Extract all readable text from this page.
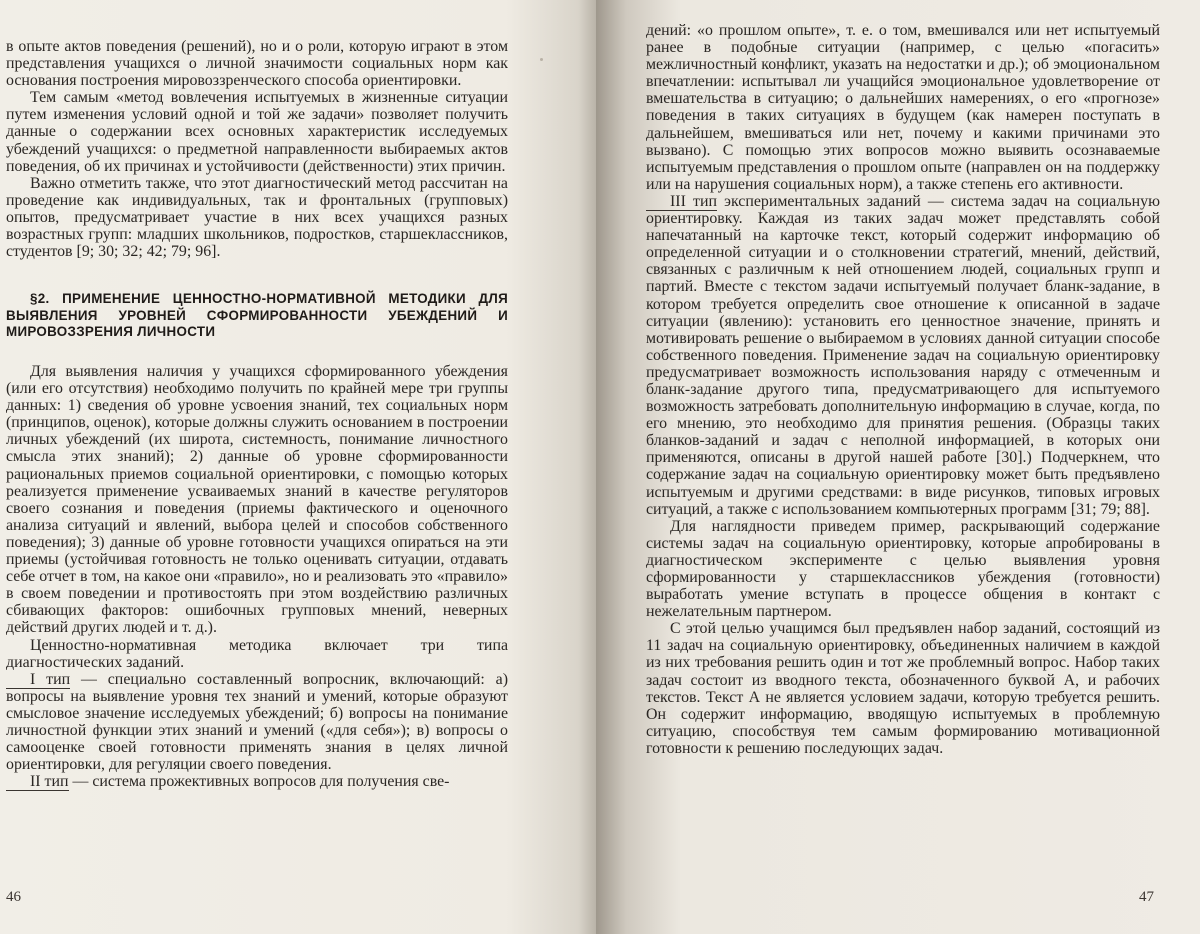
в опыте актов поведения (решений), но и о роли, которую играют в этом представления учащихся о личной значимости социальных норм как основания построения мировоззренческого способа ориентировки.

Тем самым «метод вовлечения испытуемых в жизненные ситуации путем изменения условий одной и той же задачи» позволяет получить данные о содержании всех основных характеристик исследуемых убеждений учащихся: о предметной направленности выбираемых актов поведения, об их причинах и устойчивости (действенности) этих причин.

Важно отметить также, что этот диагностический метод рассчитан на проведение как индивидуальных, так и фронтальных (групповых) опытов, предусматривает участие в них всех учащихся разных возрастных групп: младших школьников, подростков, старшеклассников, студентов [9; 30; 32; 42; 79; 96].

§2. ПРИМЕНЕНИЕ ЦЕННОСТНО-НОРМАТИВНОЙ МЕТОДИКИ ДЛЯ ВЫЯВЛЕНИЯ УРОВНЕЙ СФОРМИРОВАННОСТИ УБЕЖДЕНИЙ И МИРОВОЗЗРЕНИЯ ЛИЧНОСТИ

Для выявления наличия у учащихся сформированного убеждения (или его отсутствия) необходимо получить по крайней мере три группы данных: 1) сведения об уровне усвоения знаний, тех социальных норм (принципов, оценок), которые должны служить основанием в построении личных убеждений (их широта, системность, понимание личностного смысла этих знаний); 2) данные об уровне сформированности рациональных приемов социальной ориентировки, с помощью которых реализуется применение усваиваемых знаний в качестве регуляторов своего сознания и поведения (приемы фактического и оценочного анализа ситуаций и явлений, выбора целей и способов собственного поведения); 3) данные об уровне готовности учащихся опираться на эти приемы (устойчивая готовность не только оценивать ситуации, отдавать себе отчет в том, на какое они «правило», но и реализовать это «правило» в своем поведении и противостоять при этом воздействию различных сбивающих факторов: ошибочных групповых мнений, неверных действий других людей и т. д.).

Ценностно-нормативная методика включает три типа диагностических заданий.

I тип — специально составленный вопросник, включающий: а) вопросы на выявление уровня тех знаний и умений, которые образуют смысловое значение исследуемых убеждений; б) вопросы на понимание личностной функции этих знаний и умений («для себя»); в) вопросы о самооценке своей готовности применять знания в целях личной ориентировки, для регуляции своего поведения.

II тип — система прожективных вопросов для получения све-

46

дений: «о прошлом опыте», т. е. о том, вмешивался или нет испытуемый ранее в подобные ситуации (например, с целью «погасить» межличностный конфликт, указать на недостатки и др.); об эмоциональном впечатлении: испытывал ли учащийся эмоциональное удовлетворение от вмешательства в ситуацию; о дальнейших намерениях, о его «прогнозе» поведения в таких ситуациях в будущем (как намерен поступать в дальнейшем, вмешиваться или нет, почему и какими причинами это вызвано). С помощью этих вопросов можно выявить осознаваемые испытуемым представления о прошлом опыте (направлен он на поддержку или на нарушения социальных норм), а также степень его активности.

III тип экспериментальных заданий — система задач на социальную ориентировку. Каждая из таких задач может представлять собой напечатанный на карточке текст, который содержит информацию об определенной ситуации и о столкновении стратегий, мнений, действий, связанных с различным к ней отношением людей, социальных групп и партий. Вместе с текстом задачи испытуемый получает бланк-задание, в котором требуется определить свое отношение к описанной в задаче ситуации (явлению): установить его ценностное значение, принять и мотивировать решение о выбираемом в условиях данной ситуации способе собственного поведения. Применение задач на социальную ориентировку предусматривает возможность использования наряду с отмеченным и бланк-задание другого типа, предусматривающего для испытуемого возможность затребовать дополнительную информацию в случае, когда, по его мнению, это необходимо для принятия решения. (Образцы таких бланков-заданий и задач с неполной информацией, в которых они применяются, описаны в другой нашей работе [30].) Подчеркнем, что содержание задач на социальную ориентировку может быть предъявлено испытуемым и другими средствами: в виде рисунков, типовых игровых ситуаций, а также с использованием компьютерных программ [31; 79; 88].

Для наглядности приведем пример, раскрывающий содержание системы задач на социальную ориентировку, которые апробированы в диагностическом эксперименте с целью выявления уровня сформированности у старшеклассников убеждения (готовности) выработать умение вступать в процессе общения в контакт с нежелательным партнером.

С этой целью учащимся был предъявлен набор заданий, состоящий из 11 задач на социальную ориентировку, объединенных наличием в каждой из них требования решить один и тот же проблемный вопрос. Набор таких задач состоит из вводного текста, обозначенного буквой А, и рабочих текстов. Текст А не является условием задачи, которую требуется решить. Он содержит информацию, вводящую испытуемых в проблемную ситуацию, способствуя тем самым формированию мотивационной готовности к решению последующих задач.

47
